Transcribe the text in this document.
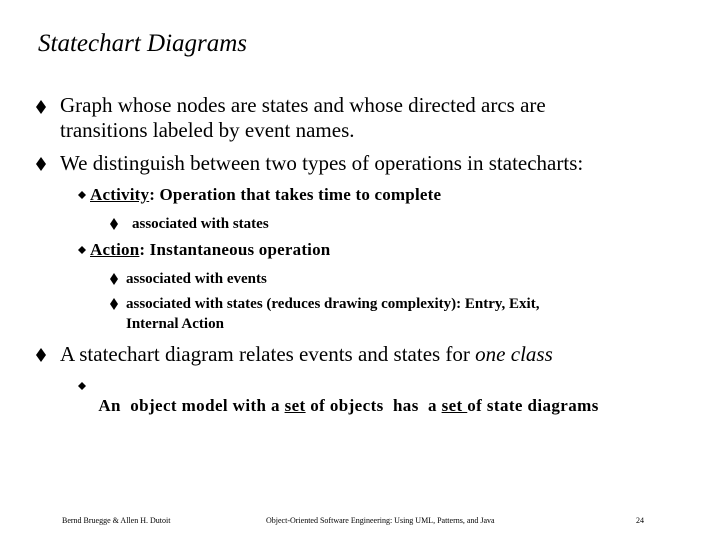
Statechart Diagrams
Graph whose nodes are states and whose directed arcs are
transitions labeled by event names.
We distinguish between two types of operations in statecharts:
Activity: Operation that takes time to complete
associated with states
Action: Instantaneous operation
associated with events
associated with states (reduces drawing complexity): Entry, Exit,
Internal Action
A statechart diagram relates events and states for one class

An  object model with a set of objects  has  a set of state diagrams

Bernd Bruegge & Allen H. Dutoit	Object-Oriented Software Engineering: Using UML, Patterns, and Java	24
